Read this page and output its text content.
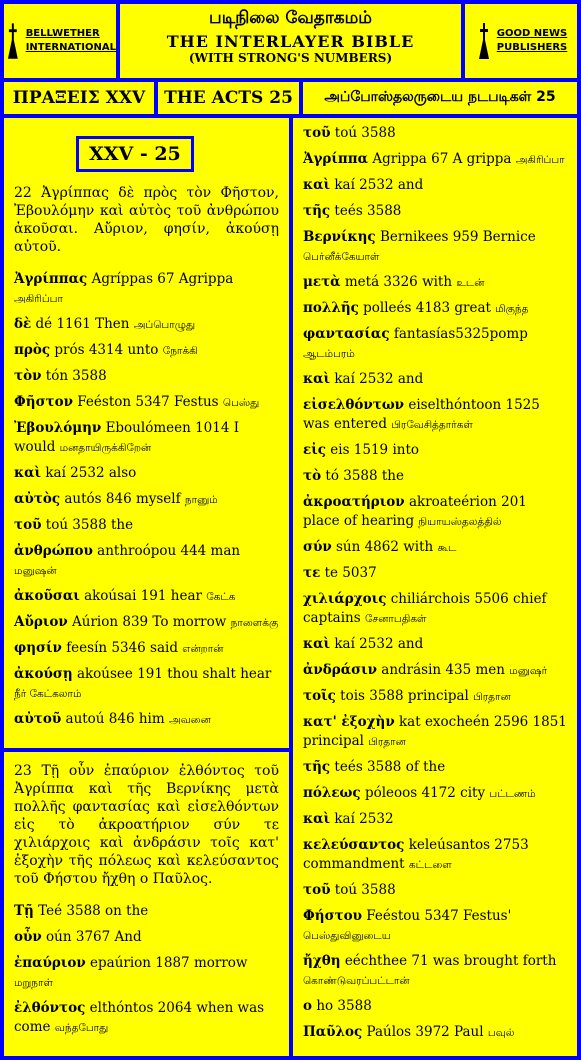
BELLWETHER
INTERNATIONAL
படிநிலை வேதாகமம்
THE INTERLAYER BIBLE
(WITH STRONG'S NUMBERS)
GOOD NEWS
PUBLISHERS
ΠΡΑΞΕΙΣ XXV	THE ACTS 25	அப்போஸ்தலருடைய நடபடிகள் 25
XXV - 25
22 Ἀγρίππας δὲ πρὸς τὸν Φῆστον, Ἐβουλόμην καὶ αὐτὸς τοῦ ἀνθρώπου ἀκοῦσαι. Αὔριον, φησίν, ἀκούσῃ αὐτοῦ.
Ἀγρίππας Agríppas 67 Agrippa அகிரிப்பா
δὲ dé 1161 Then அப்பொழுது
πρὸς prós 4314 unto நோக்கி
τὸν tón 3588
Φῆστον Feéston 5347 Festus பெஸ்து
Ἐβουλόμην Eboulómeen 1014 I would மனதாயிருக்கிறேன்
καὶ kaí 2532 also
αὐτὸς autós 846 myself நானும்
τοῦ toú 3588 the
ἀνθρώπου anthroópou 444 man மனுஷன்
ἀκοῦσαι akoúsai 191 hear கேட்க
Αὔριον Aúrion 839 To morrow நாளைக்கு
φησίν feesín 5346 said என்றான்
ἀκούσῃ akoúsee 191 thou shalt hear நீர் கேட்கலாம்
αὐτοῦ autoú 846 him அவனை
23 Τῇ οὖν ἐπαύριον ἐλθόντος τοῦ Ἀγρίππα καὶ τῆς Βερνίκης μετὰ πολλῆς φαντασίας καὶ εἰσελθόντων εἰς τὸ ἀκροατήριον σύν τε χιλιάρχοις καὶ ἀνδράσιν τοῖς κατ' ἐξοχὴν τῆς πόλεως καὶ κελεύσαντος τοῦ Φήστου ἤχθη ο Παῦλος.
Τῇ Teé 3588 on the
οὖν oún 3767 And
ἐπαύριον epaúrion 1887 morrow மறுநாள்
ἐλθόντος elthóntos 2064 when was come வந்தபோது
τοῦ toú 3588
Ἀγρίππα Agrippa 67 A grippa அகிரிப்பா
καὶ kaí 2532 and
τῆς teés 3588
Βερνίκης Bernikees 959 Bernice பெர்னீக்கேயாள்
μετὰ metá 3326 with உடன்
πολλῆς polleés 4183 great மிகுந்த
φαντασίας fantasías5325pomp ஆடம்பரம்
καὶ kaí 2532 and
εἰσελθόντων eiselthóntoon 1525 was entered பிரவேசித்தார்கள்
εἰς eis 1519 into
τὸ tó 3588 the
ἀκροατήριον akroateérion 201 place of hearing நியாயஸ்தலத்தில்
σύν sún 4862 with கூட
τε te 5037
χιλιάρχοις chiliárchois 5506 chief captains சேனாபதிகள்
καὶ kaí 2532 and
ἀνδράσιν andrásin 435 men மனுஷர்
τοῖς tois 3588 principal பிரதான
κατ' ἐξοχὴν kat exocheén 2596 1851 principal பிரதான
τῆς teés 3588 of the
πόλεως póleoos 4172 city பட்டணம்
καὶ kaí 2532
κελεύσαντος keleúsantos 2753 commandment கட்டளை
τοῦ toú 3588
Φήστου Feéstou 5347 Festus' பெஸ்துவினுடைய
ἤχθη eéchthee 71 was brought forth கொண்டுவரப்பட்டான்
ο ho 3588
Παῦλος Paúlos 3972 Paul பவுல்
